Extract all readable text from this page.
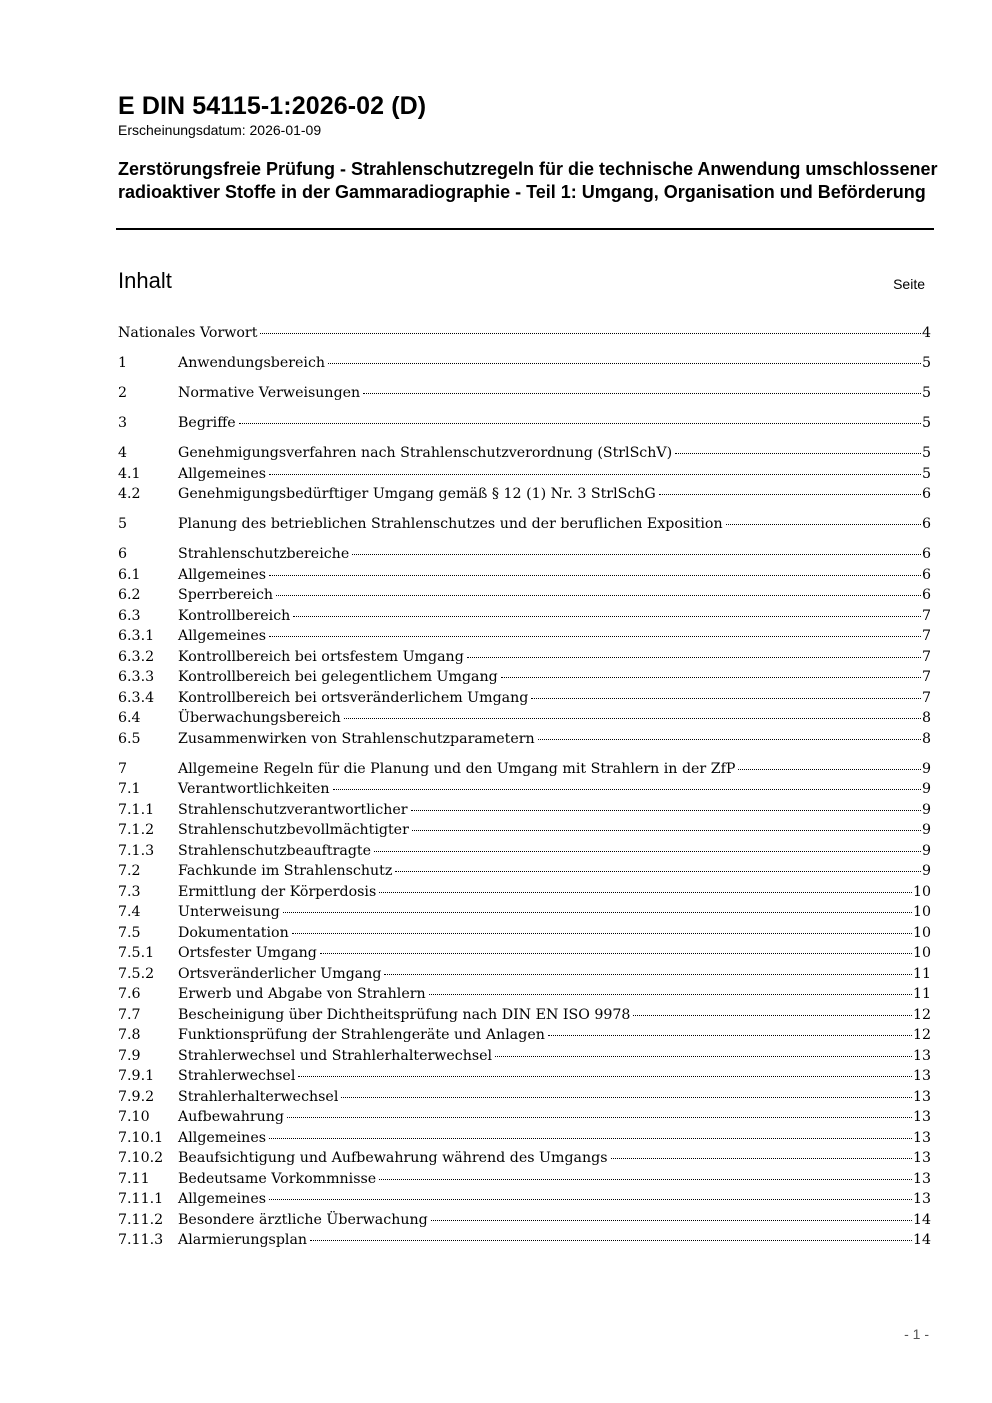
E DIN 54115-1:2026-02 (D)
Erscheinungsdatum: 2026-01-09
Zerstörungsfreie Prüfung - Strahlenschutzregeln für die technische Anwendung umschlossener radioaktiver Stoffe in der Gammaradiographie - Teil 1: Umgang, Organisation und Beförderung
Inhalt	Seite
Nationales Vorwort	4
1	Anwendungsbereich	5
2	Normative Verweisungen	5
3	Begriffe	5
4	Genehmigungsverfahren nach Strahlenschutzverordnung (StrlSchV)	5
4.1	Allgemeines	5
4.2	Genehmigungsbedürftiger Umgang gemäß § 12 (1) Nr. 3 StrlSchG	6
5	Planung des betrieblichen Strahlenschutzes und der beruflichen Exposition	6
6	Strahlenschutzbereiche	6
6.1	Allgemeines	6
6.2	Sperrbereich	6
6.3	Kontrollbereich	7
6.3.1	Allgemeines	7
6.3.2	Kontrollbereich bei ortsfestem Umgang	7
6.3.3	Kontrollbereich bei gelegentlichem Umgang	7
6.3.4	Kontrollbereich bei ortsveränderlichem Umgang	7
6.4	Überwachungsbereich	8
6.5	Zusammenwirken von Strahlenschutzparametern	8
7	Allgemeine Regeln für die Planung und den Umgang mit Strahlern in der ZfP	9
7.1	Verantwortlichkeiten	9
7.1.1	Strahlenschutzverantwortlicher	9
7.1.2	Strahlenschutzbevollmächtigter	9
7.1.3	Strahlenschutzbeauftragte	9
7.2	Fachkunde im Strahlenschutz	9
7.3	Ermittlung der Körperdosis	10
7.4	Unterweisung	10
7.5	Dokumentation	10
7.5.1	Ortsfester Umgang	10
7.5.2	Ortsveränderlicher Umgang	11
7.6	Erwerb und Abgabe von Strahlern	11
7.7	Bescheinigung über Dichtheitsprüfung nach DIN EN ISO 9978	12
7.8	Funktionsprüfung der Strahlengeräte und Anlagen	12
7.9	Strahlerwechsel und Strahlerhalterwechsel	13
7.9.1	Strahlerwechsel	13
7.9.2	Strahlerhalterwechsel	13
7.10	Aufbewahrung	13
7.10.1	Allgemeines	13
7.10.2	Beaufsichtigung und Aufbewahrung während des Umgangs	13
7.11	Bedeutsame Vorkommnisse	13
7.11.1	Allgemeines	13
7.11.2	Besondere ärztliche Überwachung	14
7.11.3	Alarmierungsplan	14
- 1 -
